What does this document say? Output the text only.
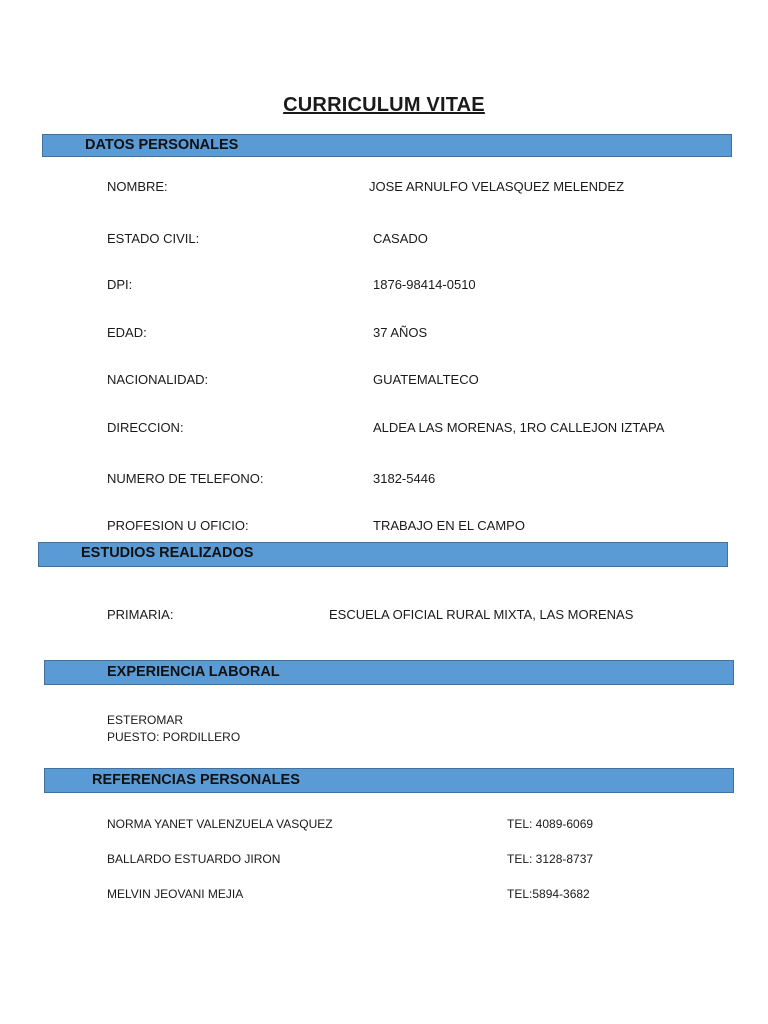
CURRICULUM VITAE
DATOS PERSONALES
NOMBRE:	JOSE ARNULFO VELASQUEZ MELENDEZ
ESTADO CIVIL:	CASADO
DPI:	1876-98414-0510
EDAD:	37 AÑOS
NACIONALIDAD:	GUATEMALTECO
DIRECCION:	ALDEA LAS MORENAS, 1RO CALLEJON IZTAPA
NUMERO DE TELEFONO:	3182-5446
PROFESION U OFICIO:	TRABAJO EN EL CAMPO
ESTUDIOS REALIZADOS
PRIMARIA:	ESCUELA OFICIAL RURAL MIXTA, LAS MORENAS
EXPERIENCIA LABORAL
ESTEROMAR
PUESTO: PORDILLERO
REFERENCIAS PERSONALES
NORMA YANET VALENZUELA VASQUEZ	TEL: 4089-6069
BALLARDO ESTUARDO JIRON	TEL: 3128-8737
MELVIN JEOVANI MEJIA	TEL:5894-3682
